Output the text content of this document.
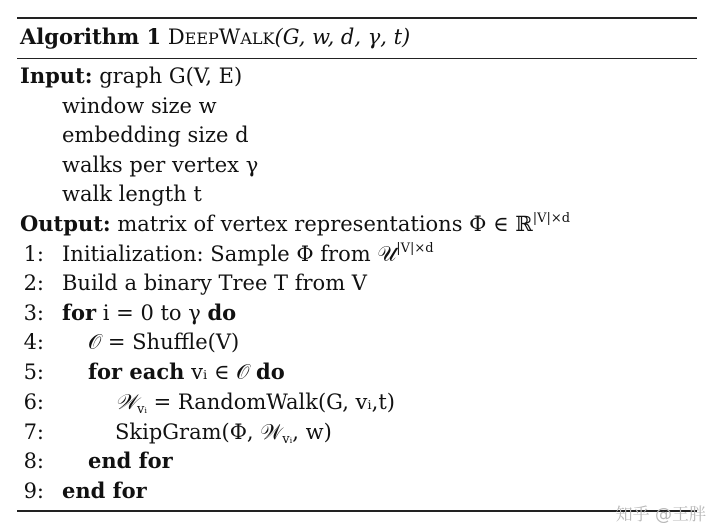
Algorithm 1 DEEPWALK(G, w, d, γ, t)
Input: graph G(V, E)
window size w
embedding size d
walks per vertex γ
walk length t
Output: matrix of vertex representations Φ ∈ ℝ$^{|V|\times d}$
1: Initialization: Sample Φ from 𝒰$^{|V|\times d}$
2: Build a binary Tree T from V
3: for i = 0 to γ do
4: 𝒪 = Shuffle(V)
5: for each vᵢ ∈ 𝒪 do
6:	𝒲$_{vᵢ}$ = RandomWalk(G, vᵢ,t)
7:	SkipGram(Φ, 𝒲$_{vᵢ}$, w)
8: end for
9: end for
知乎 @王胖
